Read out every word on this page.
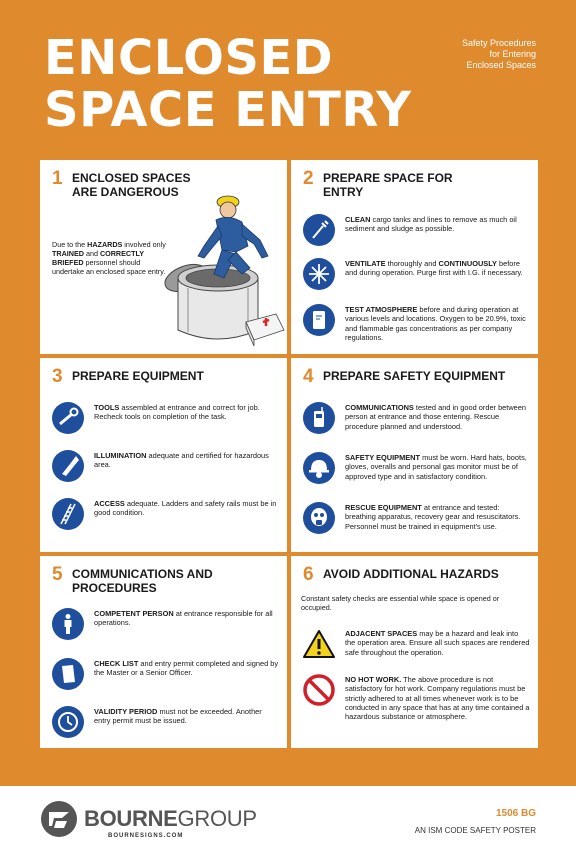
ENCLOSED
SPACE ENTRY
Safety Procedures
for Entering
Enclosed Spaces
1 ENCLOSED SPACES
ARE DANGEROUS
Due to the HAZARDS involved only TRAINED and CORRECTLY BRIEFED personnel should undertake an enclosed space entry.
2 PREPARE SPACE FOR
ENTRY
CLEAN cargo tanks and lines to remove as much oil sediment and sludge as possible.
VENTILATE thoroughly and CONTINUOUSLY before and during operation. Purge first with I.G. if necessary.
TEST ATMOSPHERE before and during operation at various levels and locations. Oxygen to be 20.9%, toxic and flammable gas concentrations as per company regulations.
3 PREPARE EQUIPMENT
TOOLS assembled at entrance and correct for job. Recheck tools on completion of the task.
ILLUMINATION adequate and certified for hazardous area.
ACCESS adequate. Ladders and safety rails must be in good condition.
4 PREPARE SAFETY EQUIPMENT
COMMUNICATIONS tested and in good order between person at entrance and those entering. Rescue procedure planned and understood.
SAFETY EQUIPMENT must be worn. Hard hats, boots, gloves, overalls and personal gas monitor must be of approved type and in satisfactory condition.
RESCUE EQUIPMENT at entrance and tested: breathing apparatus, recovery gear and resuscitators. Personnel must be trained in equipment's use.
5 COMMUNICATIONS AND
PROCEDURES
COMPETENT PERSON at entrance responsible for all operations.
CHECK LIST and entry permit completed and signed by the Master or a Senior Officer.
VALIDITY PERIOD must not be exceeded. Another entry permit must be issued.
6 AVOID ADDITIONAL HAZARDS
Constant safety checks are essential while space is opened or occupied.
ADJACENT SPACES may be a hazard and leak into the operation area. Ensure all such spaces are rendered safe throughout the operation.
NO HOT WORK. The above procedure is not satisfactory for hot work. Company regulations must be strictly adhered to at all times whenever work is to be conducted in any space that has at any time contained a hazardous substance or atmosphere.
BOURNEGROUP
BOURNESIGNS.COM
1506 BG
AN ISM CODE SAFETY POSTER
